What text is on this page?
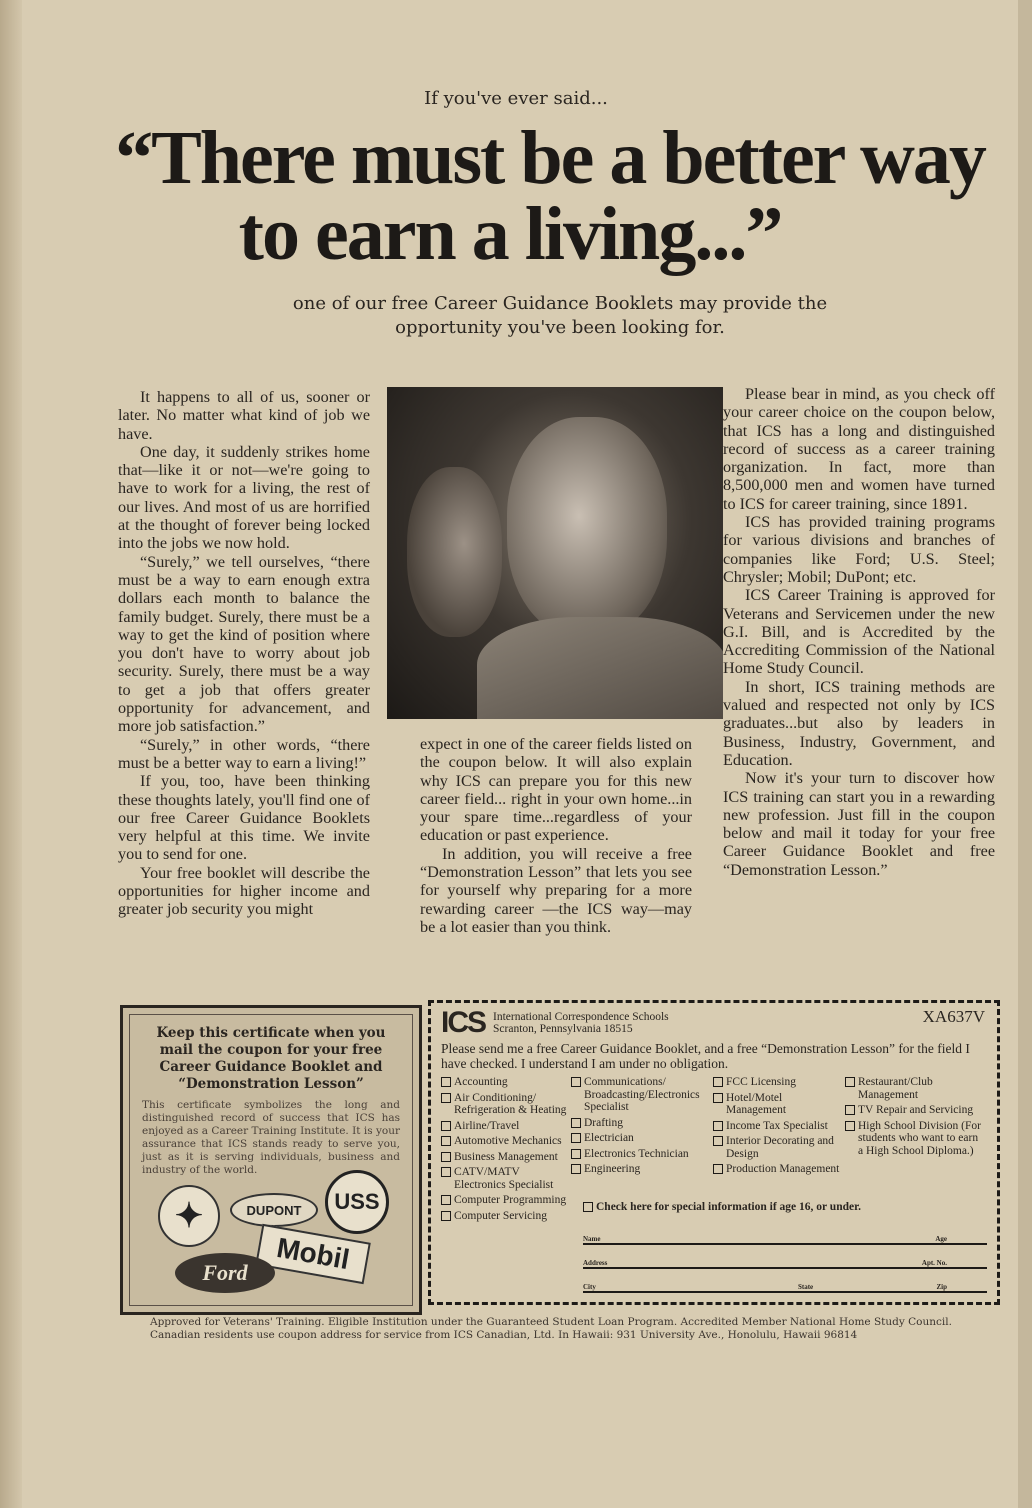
If you've ever said...
“There must be a better way
to earn a living...”
one of our free Career Guidance Booklets may provide the
opportunity you've been looking for.

It happens to all of us, sooner or later. No matter what kind of job we have.

One day, it suddenly strikes home that—like it or not—we're going to have to work for a living, the rest of our lives. And most of us are horrified at the thought of forever being locked into the jobs we now hold.

“Surely,” we tell ourselves, “there must be a way to earn enough extra dollars each month to balance the family budget. Surely, there must be a way to get the kind of position where you don't have to worry about job security. Surely, there must be a way to get a job that offers greater opportunity for advancement, and more job satisfaction.”

“Surely,” in other words, “there must be a better way to earn a living!”

If you, too, have been thinking these thoughts lately, you'll find one of our free Career Guidance Booklets very helpful at this time. We invite you to send for one.

Your free booklet will describe the opportunities for higher income and greater job security you might

expect in one of the career fields listed on the coupon below. It will also explain why ICS can prepare you for this new career field... right in your own home...in your spare time...regardless of your education or past experience.

In addition, you will receive a free “Demonstration Lesson” that lets you see for yourself why preparing for a more rewarding career —the ICS way—may be a lot easier than you think.

Please bear in mind, as you check off your career choice on the coupon below, that ICS has a long and distinguished record of success as a career training organization. In fact, more than 8,500,000 men and women have turned to ICS for career training, since 1891.

ICS has provided training programs for various divisions and branches of companies like Ford; U.S. Steel; Chrysler; Mobil; DuPont; etc.

ICS Career Training is approved for Veterans and Servicemen under the new G.I. Bill, and is Accredited by the Accrediting Commission of the National Home Study Council.

In short, ICS training methods are valued and respected not only by ICS graduates...but also by leaders in Business, Industry, Government, and Education.

Now it's your turn to discover how ICS training can start you in a rewarding new profession. Just fill in the coupon below and mail it today for your free Career Guidance Booklet and free “Demonstration Lesson.”

Keep this certificate when you mail the coupon for your free Career Guidance Booklet and “Demonstration Lesson”
This certificate symbolizes the long and distinguished record of success that ICS has enjoyed as a Career Training Institute. It is your assurance that ICS stands ready to serve you, just as it is serving individuals, business and industry of the world.
✦	DUPONT	USS
Mobil
Ford
ICS International Correspondence Schools
Scranton, Pennsylvania 18515
XA637V
Please send me a free Career Guidance Booklet, and a free “Demonstration Lesson” for the field I have checked. I understand I am under no obligation.
Accounting
Air Conditioning/ Refrigeration & Heating
Airline/Travel
Automotive Mechanics
Business Management
CATV/MATV Electronics Specialist
Computer Programming
Computer Servicing
Communications/ Broadcasting/Electronics Specialist
Drafting
Electrician
Electronics Technician
Engineering
FCC Licensing
Hotel/Motel Management
Income Tax Specialist
Interior Decorating and Design
Production Management
Restaurant/Club Management
TV Repair and Servicing
High School Division (For students who want to earn a High School Diploma.)
Check here for special information if age 16, or under.
Name	Age
Address	Apt. No.
City	State	Zip
Approved for Veterans' Training. Eligible Institution under the Guaranteed Student Loan Program. Accredited Member National Home Study Council. Canadian residents use coupon address for service from ICS Canadian, Ltd. In Hawaii: 931 University Ave., Honolulu, Hawaii 96814
